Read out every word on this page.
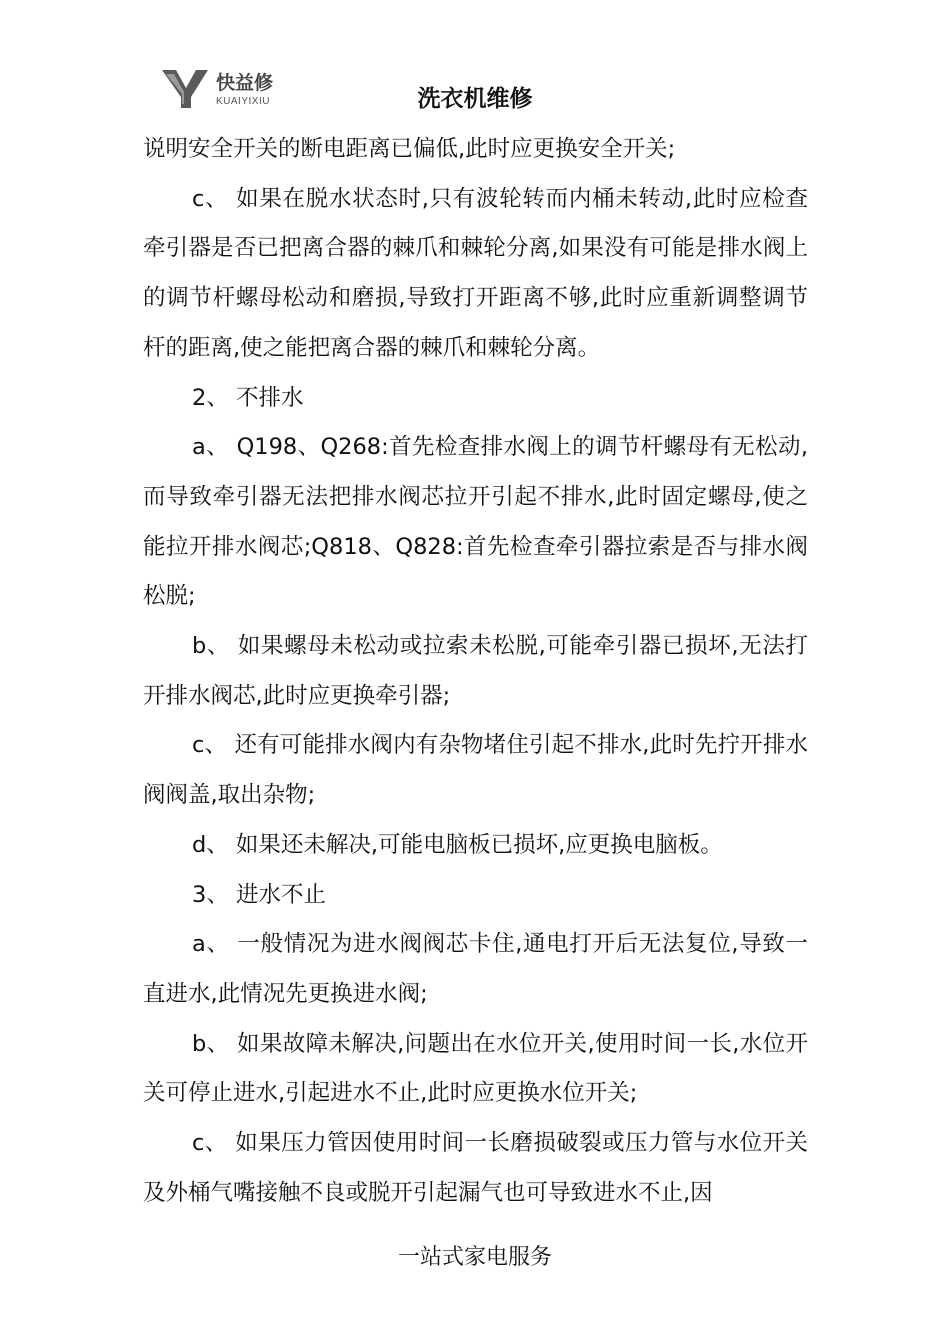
快益修
KUAIYIXIU	洗衣机维修

说明安全开关的断电距离已偏低,此时应更换安全开关;

c、 如果在脱水状态时,只有波轮转而内桶未转动,此时应检查牵引器是否已把离合器的棘爪和棘轮分离,如果没有可能是排水阀上的调节杆螺母松动和磨损,导致打开距离不够,此时应重新调整调节杆的距离,使之能把离合器的棘爪和棘轮分离。

2、 不排水

a、 Q198、Q268:首先检查排水阀上的调节杆螺母有无松动,而导致牵引器无法把排水阀芯拉开引起不排水,此时固定螺母,使之能拉开排水阀芯;Q818、Q828:首先检查牵引器拉索是否与排水阀松脱;

b、 如果螺母未松动或拉索未松脱,可能牵引器已损坏,无法打开排水阀芯,此时应更换牵引器;

c、 还有可能排水阀内有杂物堵住引起不排水,此时先拧开排水阀阀盖,取出杂物;

d、 如果还未解决,可能电脑板已损坏,应更换电脑板。

3、 进水不止

a、 一般情况为进水阀阀芯卡住,通电打开后无法复位,导致一直进水,此情况先更换进水阀;

b、 如果故障未解决,问题出在水位开关,使用时间一长,水位开关可停止进水,引起进水不止,此时应更换水位开关;

c、 如果压力管因使用时间一长磨损破裂或压力管与水位开关及外桶气嘴接触不良或脱开引起漏气也可导致进水不止,因

一站式家电服务
